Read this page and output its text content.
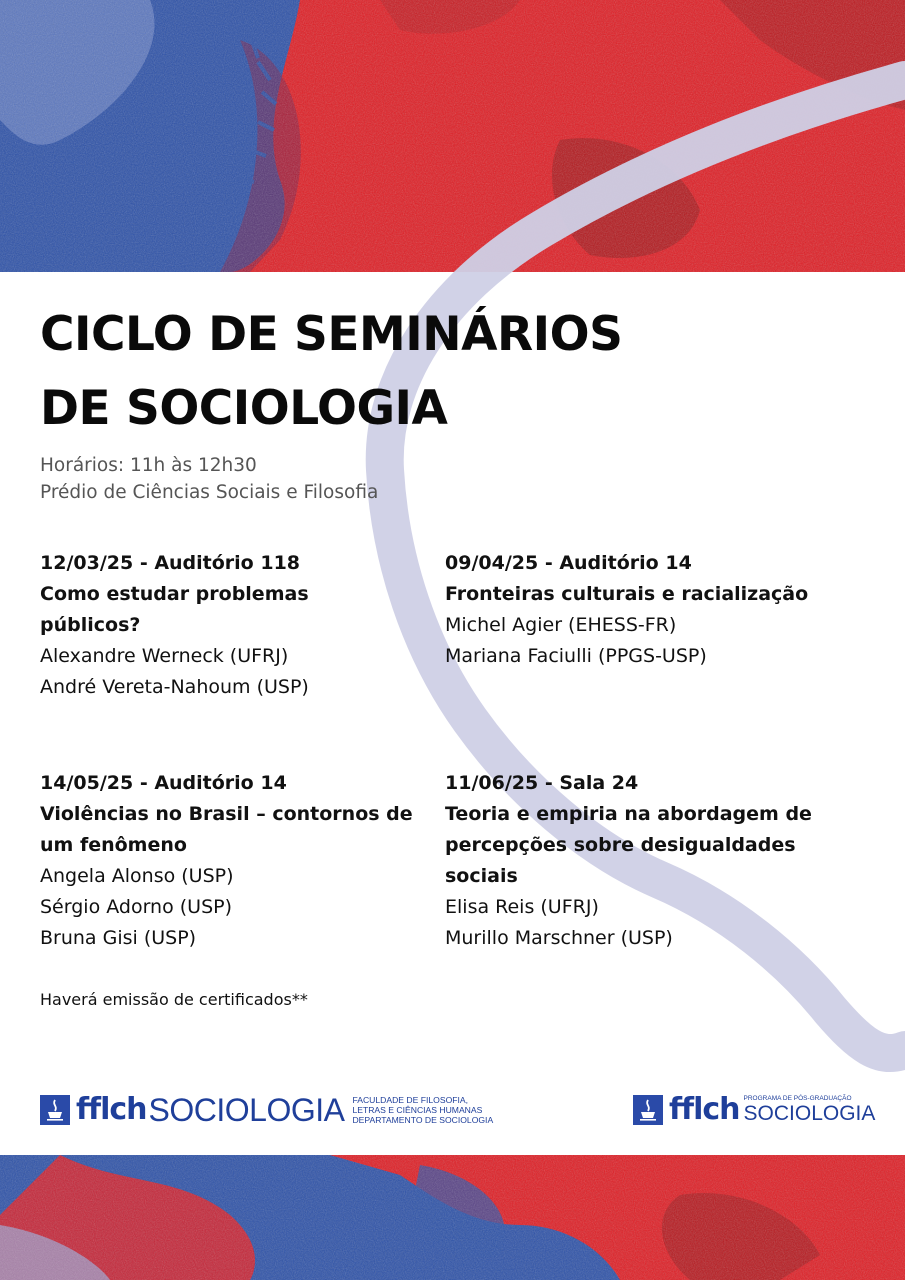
CICLO DE SEMINÁRIOS
DE SOCIOLOGIA
Horários: 11h às 12h30
Prédio de Ciências Sociais e Filosofia
12/03/25 - Auditório 118
Como estudar problemas públicos?
Alexandre Werneck (UFRJ)
André Vereta-Nahoum (USP)
09/04/25 - Auditório 14
Fronteiras culturais e racialização
Michel Agier (EHESS-FR)
Mariana Faciulli (PPGS-USP)
14/05/25 - Auditório 14
Violências no Brasil – contornos de um fenômeno
Angela Alonso (USP)
Sérgio Adorno (USP)
Bruna Gisi (USP)
11/06/25 - Sala 24
Teoria e empiria na abordagem de percepções sobre desigualdades sociais
Elisa Reis (UFRJ)
Murillo Marschner (USP)
Haverá emissão de certificados**
fflch SOCIOLOGIA FACULDADE DE FILOSOFIA,
LETRAS E CIÊNCIAS HUMANAS
DEPARTAMENTO DE SOCIOLOGIA	fflch PROGRAMA DE PÓS-GRADUAÇÃO
SOCIOLOGIA
